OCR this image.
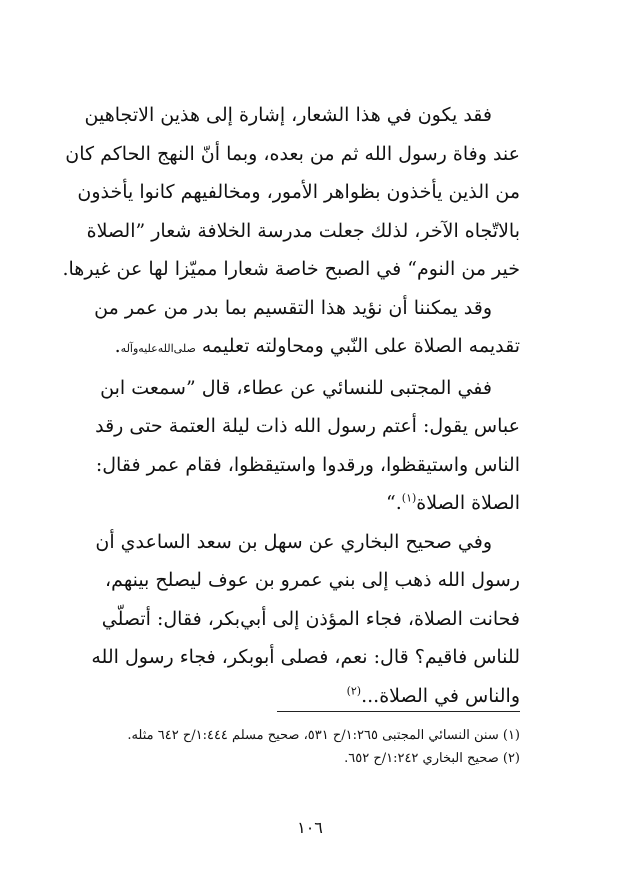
فقد يكون في هذا الشعار، إشارة إلى هذين الاتجاهين
عند وفاة رسول الله ثم من بعده، وبما أنّ النهج الحاكم كان
من الذين يأخذون بظواهر الأمور، ومخالفيهم كانوا يأخذون
بالاتّجاه الآخر، لذلك جعلت مدرسة الخلافة شعار ”الصلاة
خير من النوم“ في الصبح خاصة شعارا مميّزا لها عن غيرها.

وقد يمكننا أن نؤيد هذا التقسيم بما بدر من عمر من
تقديمه الصلاة على النّبي ومحاولته تعليمه صلى‌الله‌عليه‌وآله.

ففي المجتبى للنسائي عن عطاء، قال ”سمعت ابن
عباس يقول: أعتم رسول الله ذات ليلة العتمة حتى رقد
الناس واستيقظوا، ورقدوا واستيقظوا، فقام عمر فقال:
الصلاة الصلاة$^{(١)}$.“

وفي صحيح البخاري عن سهل بن سعد الساعدي أن
رسول الله ذهب إلى بني عمرو بن عوف ليصلح بينهم،
فحانت الصلاة، فجاء المؤذن إلى أبي‌بكر، فقال: أتصلّي
للناس فاقيم؟ قال: نعم، فصلى أبوبكر، فجاء رسول الله
والناس في الصلاة...$^{(٢)}$

(١) سنن النسائي المجتبى ١:٢٦٥/ح ٥٣١، صحيح مسلم ١:٤٤٤/ح ٦٤٢ مثله.
(٢) صحيح البخاري ١:٢٤٢/ح ٦٥٢.
١٠٦
